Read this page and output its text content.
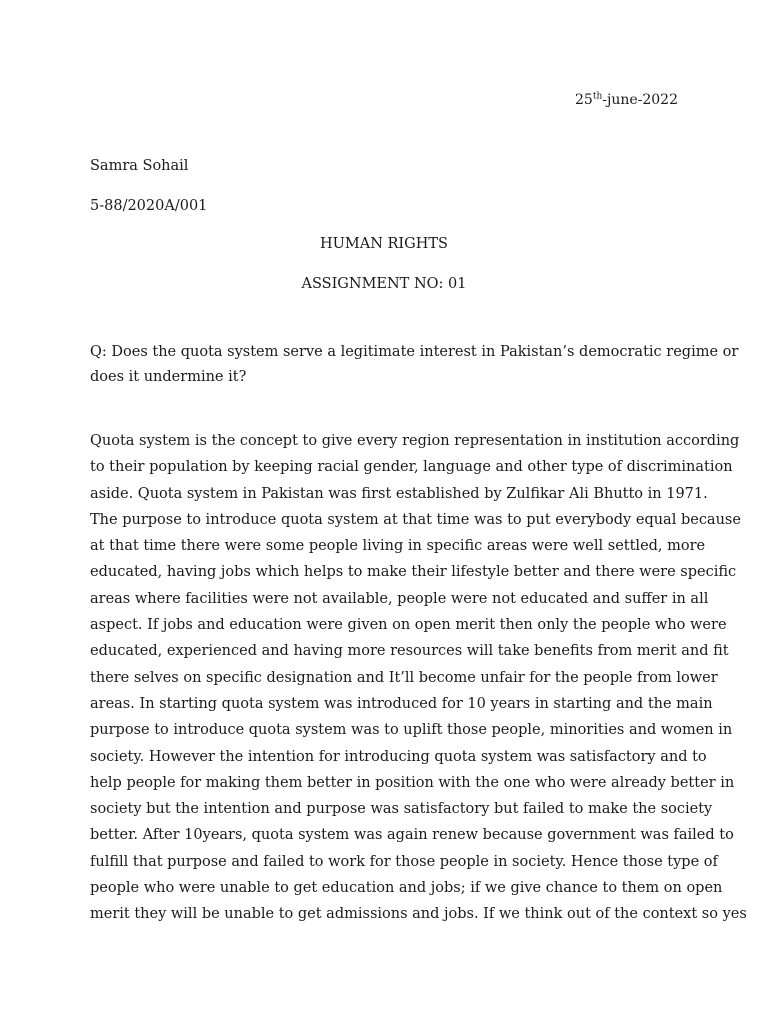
25th-june-2022
Samra Sohail
5-88/2020A/001
HUMAN RIGHTS
ASSIGNMENT NO: 01
Q: Does the quota system serve a legitimate interest in Pakistan’s democratic regime or
does it undermine it?
Quota system is the concept to give every region representation in institution according
to their population by keeping racial gender, language and other type of discrimination
aside. Quota system in Pakistan was first established by Zulfikar Ali Bhutto in 1971.
The purpose to introduce quota system at that time was to put everybody equal because
at that time there were some people living in specific areas were well settled, more
educated, having jobs which helps to make their lifestyle better and there were specific
areas where facilities were not available, people were not educated and suffer in all
aspect. If jobs and education were given on open merit then only the people who were
educated, experienced and having more resources will take benefits from merit and fit
there selves on specific designation and It’ll become unfair for the people from lower
areas. In starting quota system was introduced for 10 years in starting and the main
purpose to introduce quota system was to uplift those people, minorities and women in
society. However the intention for introducing quota system was satisfactory and to
help people for making them better in position with the one who were already better in
society but the intention and purpose was satisfactory but failed to make the society
better. After 10years, quota system was again renew because government was failed to
fulfill that purpose and failed to work for those people in society. Hence those type of
people who were unable to get education and jobs; if we give chance to them on open
merit they will be unable to get admissions and jobs. If we think out of the context so yes
